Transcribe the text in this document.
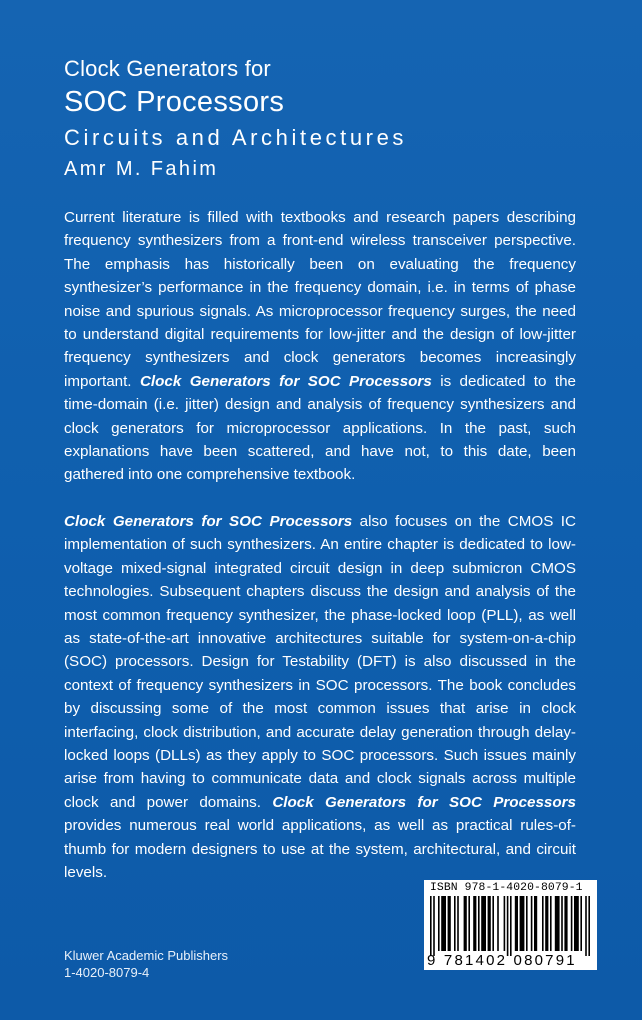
Clock Generators for
SOC Processors
Circuits and Architectures
Amr M. Fahim

Current literature is filled with textbooks and research papers describing frequency synthesizers from a front-end wireless transceiver perspective. The emphasis has historically been on evaluating the frequency synthesizer’s performance in the frequency domain, i.e. in terms of phase noise and spurious signals. As microprocessor frequency surges, the need to understand digital requirements for low-jitter and the design of low-jitter frequency synthesizers and clock generators becomes increasingly important. Clock Generators for SOC Processors is dedicated to the time-domain (i.e. jitter) design and analysis of frequency synthesizers and clock generators for microprocessor applications. In the past, such explanations have been scattered, and have not, to this date, been gathered into one comprehensive textbook.

Clock Generators for SOC Processors also focuses on the CMOS IC implementation of such synthesizers. An entire chapter is dedicated to low-voltage mixed-signal integrated circuit design in deep submicron CMOS technologies. Subsequent chapters discuss the design and analysis of the most common frequency synthesizer, the phase-locked loop (PLL), as well as state-of-the-art innovative architectures suitable for system-on-a-chip (SOC) processors. Design for Testability (DFT) is also discussed in the context of frequency synthesizers in SOC processors. The book concludes by discussing some of the most common issues that arise in clock interfacing, clock distribution, and accurate delay generation through delay-locked loops (DLLs) as they apply to SOC processors. Such issues mainly arise from having to communicate data and clock signals across multiple clock and power domains. Clock Generators for SOC Processors provides numerous real world applications, as well as practical rules-of-thumb for modern designers to use at the system, architectural, and circuit levels.

ISBN 978-1-4020-8079-1
9 781402 080791
Kluwer Academic Publishers
1-4020-8079-4
